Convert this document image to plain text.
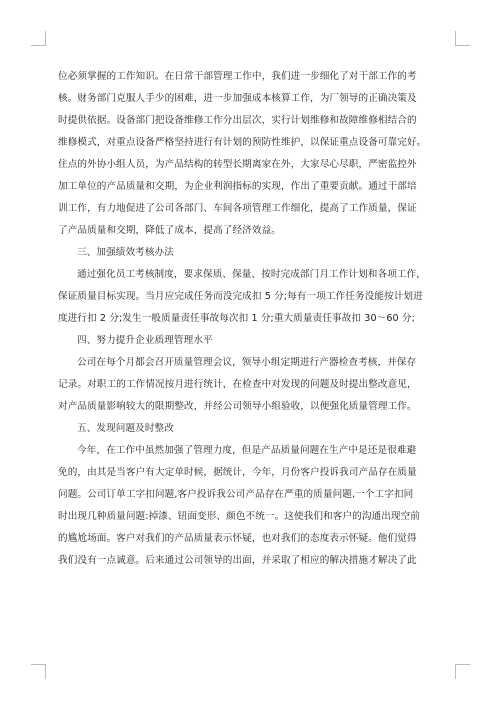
位必须掌握的工作知识。在日常干部管理工作中，我们进一步细化了对干部工作的考
核。财务部门克服人手少的困难，进一步加强成本核算工作，为厂领导的正确决策及
时提供依据。设备部门把设备维修工作分出层次，实行计划维修和故障维修相结合的
维修模式，对重点设备严格坚持进行有计划的预防性维护，以保证重点设备可靠完好。
住点的外协小组人员，为产品结构的转型长期离家在外，大家尽心尽职，严密监控外
加工单位的产品质量和交期，为企业利润指标的实现，作出了重要贡献。通过干部培
训工作，有力地促进了公司各部门、车间各项管理工作细化，提高了工作质量，保证
了产品质量和交期，降低了成本，提高了经济效益。
三、加强绩效考核办法
通过强化员工考核制度，要求保质、保量、按时完成部门月工作计划和各项工作，
保证质量目标实现。当月应完成任务而没完成扣 5 分;每有一项工作任务没能按计划进
度进行扣 2 分;发生一般质量责任事故每次扣 1 分;重大质量责任事故扣 30～60 分;
四、努力提升企业质理管理水平
公司在每个月都会召开质量管理会议，领导小组定期进行产器检查考核，并保存
记录。对职工的工作情况按月进行统计，在检查中对发现的问题及时提出整改意见，
对产品质量影响较大的限期整改，并经公司领导小组验收，以便强化质量管理工作。
五、发现问题及时整改
今年，在工作中虽然加强了管理力度，但是产品质量问题在生产中是还是很难避
免的，由其是当客户有大定单时候，据统计，今年，月份客户投诉我司产品存在质量
问题。公司订单工字扣问题,客户投诉我公司产品存在严重的质量问题,一个工字扣同
时出现几种质量问题:掉漆、钮面变形、颜色不统一。这使我们和客户的沟通出现空前
的尴尬场面。客户对我们的产品质量表示怀疑，也对我们的态度表示怀疑。他们觉得
我们没有一点诚意。后来通过公司领导的出面，并采取了相应的解决措施才解决了此
